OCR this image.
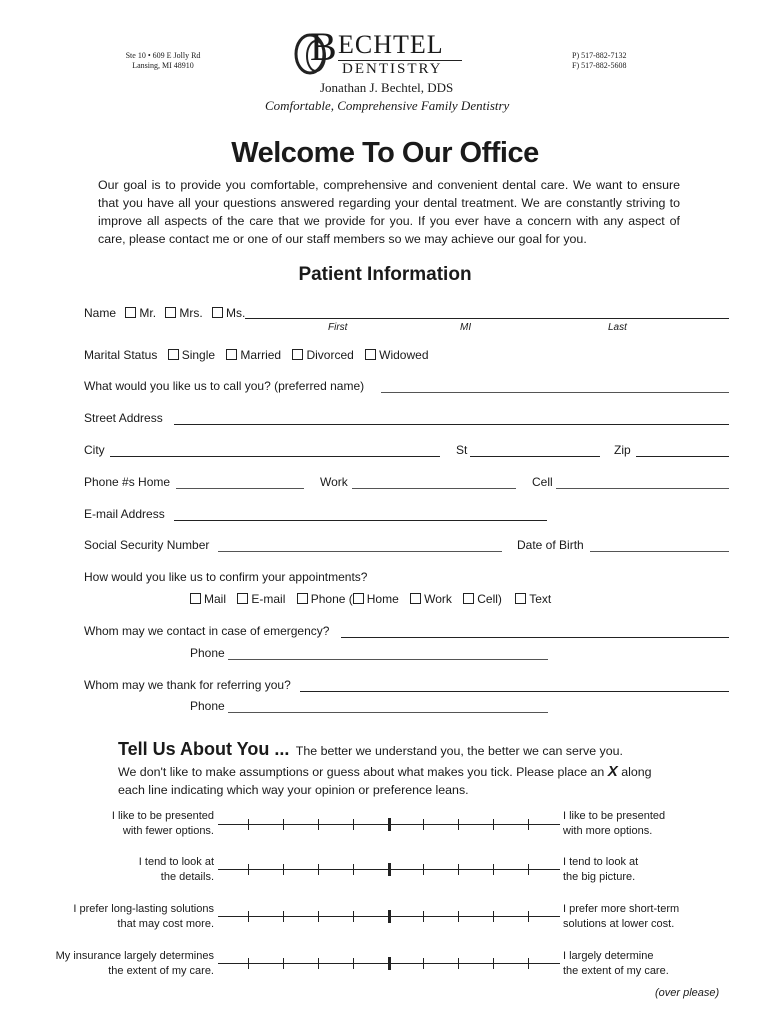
Ste 10 • 609 E Jolly Rd
Lansing, MI 48910	B ECHTEL
DENTISTRY
Jonathan J. Bechtel, DDS
Comfortable, Comprehensive Family Dentistry
P) 517-882-7132
F) 517-882-5608
Welcome To Our Office
Our goal is to provide you comfortable, comprehensive and convenient dental care. We want to ensure that you have all your questions answered regarding your dental treatment. We are constantly striving to improve all aspects of the care that we provide for you. If you ever have a concern with any aspect of care, please contact me or one of our staff members so we may achieve our goal for you.
Patient Information
Name Mr. Mrs. Ms.
First	MI	Last
Marital Status Single Married Divorced Widowed
What would you like us to call you? (preferred name)
Street Address
City	St	Zip
Phone #s Home	Work	Cell
E-mail Address
Social Security Number	Date of Birth
How would you like us to confirm your appointments?
Mail E-mail Phone ( Home Work Cell) Text
Whom may we contact in case of emergency?
Phone
Whom may we thank for referring you?
Phone
Tell Us About You ... The better we understand you, the better we can serve you.
We don't like to make assumptions or guess about what makes you tick. Please place an X along each line indicating which way your opinion or preference leans.
I like to be presented
with fewer options.
I like to be presented
with more options.
I tend to look at
the details.
I tend to look at
the big picture.
I prefer long-lasting solutions
that may cost more.
I prefer more short-term
solutions at lower cost.
My insurance largely determines
the extent of my care.
I largely determine
the extent of my care.
(over please)
